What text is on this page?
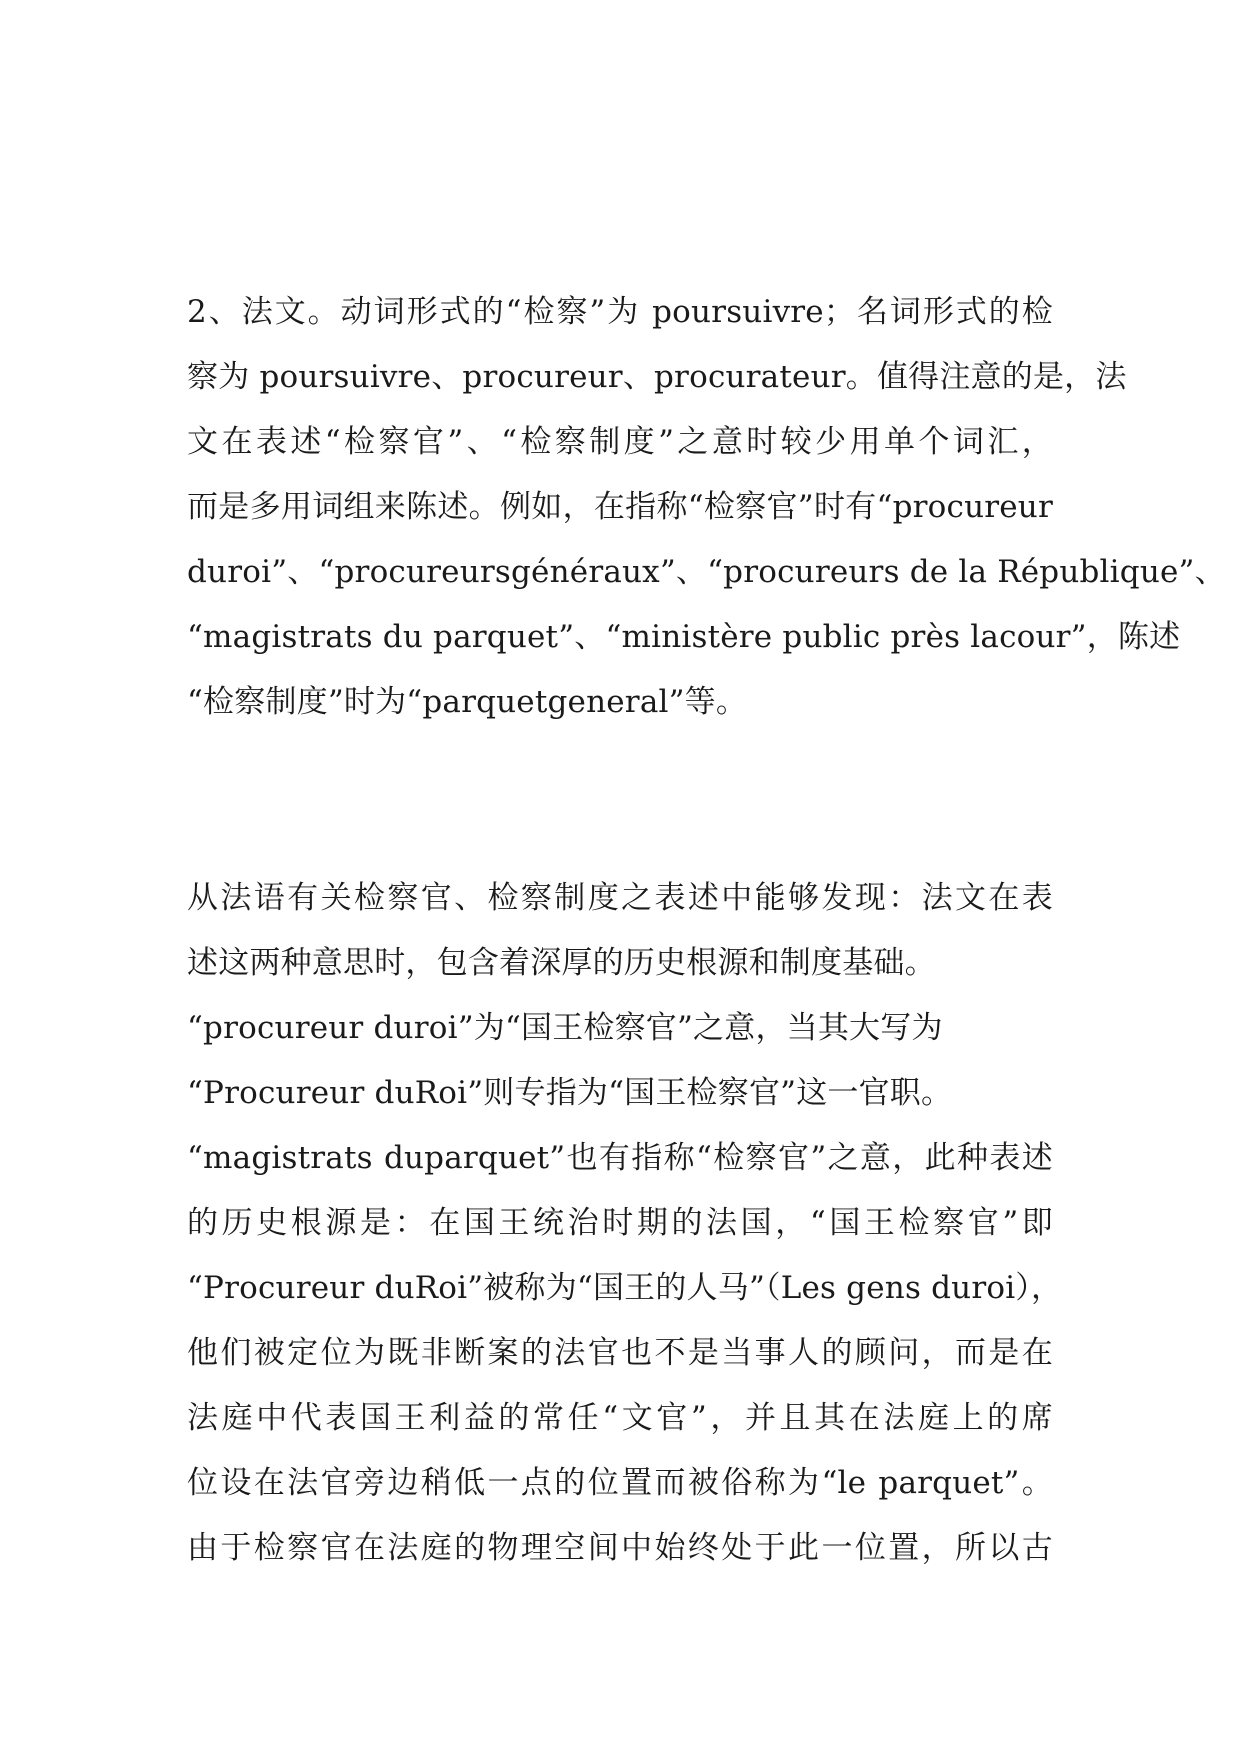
2、法文。动词形式的“检察”为 poursuivre；名词形式的检
察为 poursuivre、procureur、procurateur。值得注意的是，法
文在表述“检察官”、“检察制度”之意时较少用单个词汇，
而是多用词组来陈述。例如，在指称“检察官”时有“procureur
duroi”、“procureursgénéraux”、“procureurs de la République”、
“magistrats du parquet”、“ministère public près lacour”，陈述
“检察制度”时为“parquetgeneral”等。
从法语有关检察官、检察制度之表述中能够发现：法文在表
述这两种意思时，包含着深厚的历史根源和制度基础。
“procureur duroi”为“国王检察官”之意，当其大写为
“Procureur duRoi”则专指为“国王检察官”这一官职。
“magistrats duparquet”也有指称“检察官”之意，此种表述
的历史根源是：在国王统治时期的法国，“国王检察官”即
“Procureur duRoi”被称为“国王的人马”（Les gens duroi），
他们被定位为既非断案的法官也不是当事人的顾问，而是在
法庭中代表国王利益的常任“文官”，并且其在法庭上的席
位设在法官旁边稍低一点的位置而被俗称为“le parquet”。
由于检察官在法庭的物理空间中始终处于此一位置，所以古
